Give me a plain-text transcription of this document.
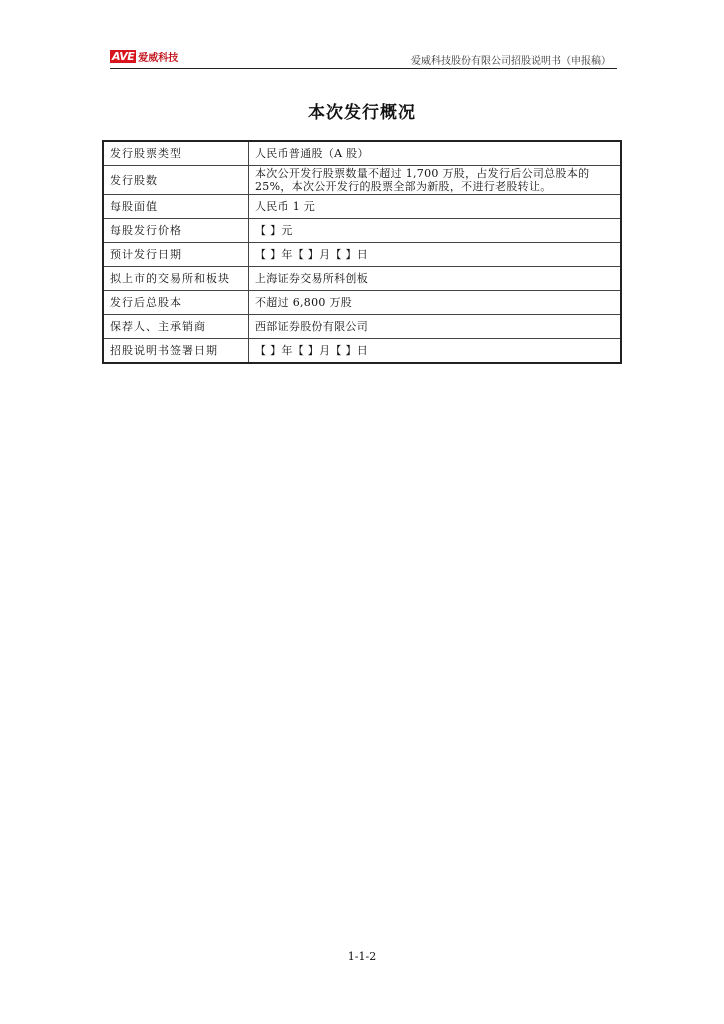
AVE 爱威科技	爱威科技股份有限公司招股说明书（申报稿）
本次发行概况
发行股票类型	人民币普通股（A 股）
发行股数	本次公开发行股票数量不超过 1,700 万股，占发行后公司总股本的 25%，本次公开发行的股票全部为新股，不进行老股转让。
每股面值	人民币 1 元
每股发行价格	【 】元
预计发行日期	【 】年【 】月【 】日
拟上市的交易所和板块	上海证券交易所科创板
发行后总股本	不超过 6,800 万股
保荐人、主承销商	西部证券股份有限公司
招股说明书签署日期	【 】年【 】月【 】日
1-1-2
